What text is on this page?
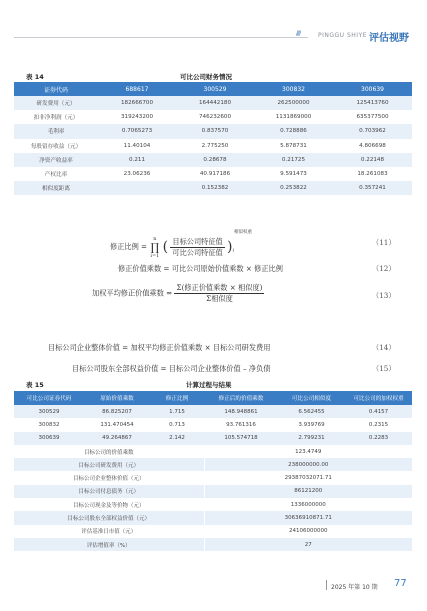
////	PINGGU SHIYE 评估视野
表 14	可比公司财务情况
证券代码	688617	300529	300832	300639
研发费用（元）	182666700	164442180	262500000	125413760
扣非净利润（元）	319243200	746232600	1131869000	635377500
毛利率	0.7065273	0.837570	0.728886	0.703962
每股留存收益（元）	11.40104	2.775250	5.878731	4.806698
净资产收益率	0.211	0.28678	0.21725	0.22148
产权比率	23.06236	40.917186	9.591473	18.261083
相似度距离		0.152382	0.253822	0.357241
修正比例 =
n
∏
i=1
( $\frac{\text{目标公司特征值}}{\text{可比公司特征值}} )_i^{相似权重}$
（11）
修正价值乘数 = 可比公司原始价值乘数 × 修正比例	（12）
加权平均修正价值乘数 = $\frac{\text{Σ(修正价值乘数 × 相似度)}}{\text{Σ相似度}}$	（13）
目标公司企业整体价值 = 加权平均修正价值乘数 × 目标公司研发费用	（14）
目标公司股东全部权益价值 = 目标公司企业整体价值 – 净负债	（15）
表 15	计算过程与结果
可比公司证券代码	原始价值乘数	修正比例	修正后的价值乘数	可比公司相似度	可比公司的加权权重
300529	86.825207	1.715	148.948861	6.562455	0.4157
300832	131.470454	0.713	93.761316	3.939769	0.2315
300639	49.264867	2.142	105.574718	2.799231	0.2283
目标公司的价值乘数			123.4749		
目标公司研发费用（元）			238000000.00		
目标公司企业整体价值（元）			29387032071.71		
目标公司付息债务（元）			86121200		
目标公司现金及等价物（元）			1336000000		
目标公司股东全部权益价值（元）			30636910871.71		
评估基准日市值（元）			24106000000		
评估增值率（%）			27		
2025 年第 10 期 77
